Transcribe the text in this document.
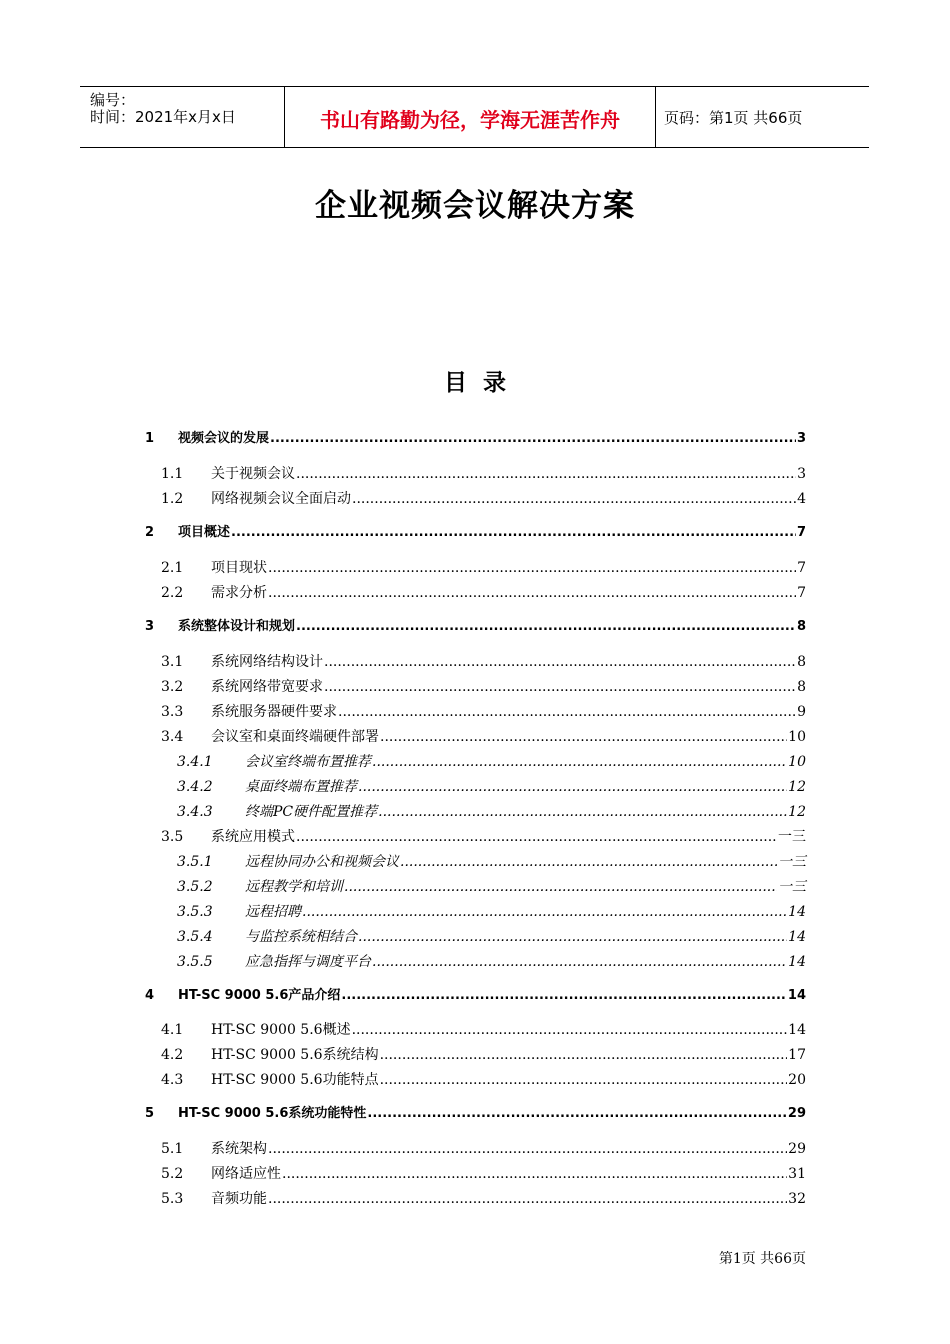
编号：
时间：2021年x月x日	书山有路勤为径，学海无涯苦作舟	页码：第1页 共66页
企业视频会议解决方案
目  录
1 视频会议的发展 .....	3
1.1 关于视频会议 .....	3
1.2 网络视频会议全面启动 .....	4
2 项目概述 .....	7
2.1 项目现状 .....	7
2.2 需求分析 .....	7
3 系统整体设计和规划 .....	8
3.1 系统网络结构设计 .....	8
3.2 系统网络带宽要求 .....	8
3.3 系统服务器硬件要求 .....	9
3.4 会议室和桌面终端硬件部署 .....	10
3.4.1 会议室终端布置推荐 .....	10
3.4.2 桌面终端布置推荐 .....	12
3.4.3 终端PC硬件配置推荐 .....	12
3.5 系统应用模式 .....	一三
3.5.1 远程协同办公和视频会议 .....	一三
3.5.2 远程教学和培训 .....	一三
3.5.3 远程招聘 .....	14
3.5.4 与监控系统相结合 .....	14
3.5.5 应急指挥与调度平台 .....	14
4 HT-SC 9000 5.6产品介绍 .....	14
4.1 HT-SC 9000 5.6概述 .....	14
4.2 HT-SC 9000 5.6系统结构 .....	17
4.3 HT-SC 9000 5.6功能特点 .....	20
5 HT-SC 9000 5.6系统功能特性 .....	29
5.1 系统架构 .....	29
5.2 网络适应性 .....	31
5.3 音频功能 .....	32
第1页 共66页
